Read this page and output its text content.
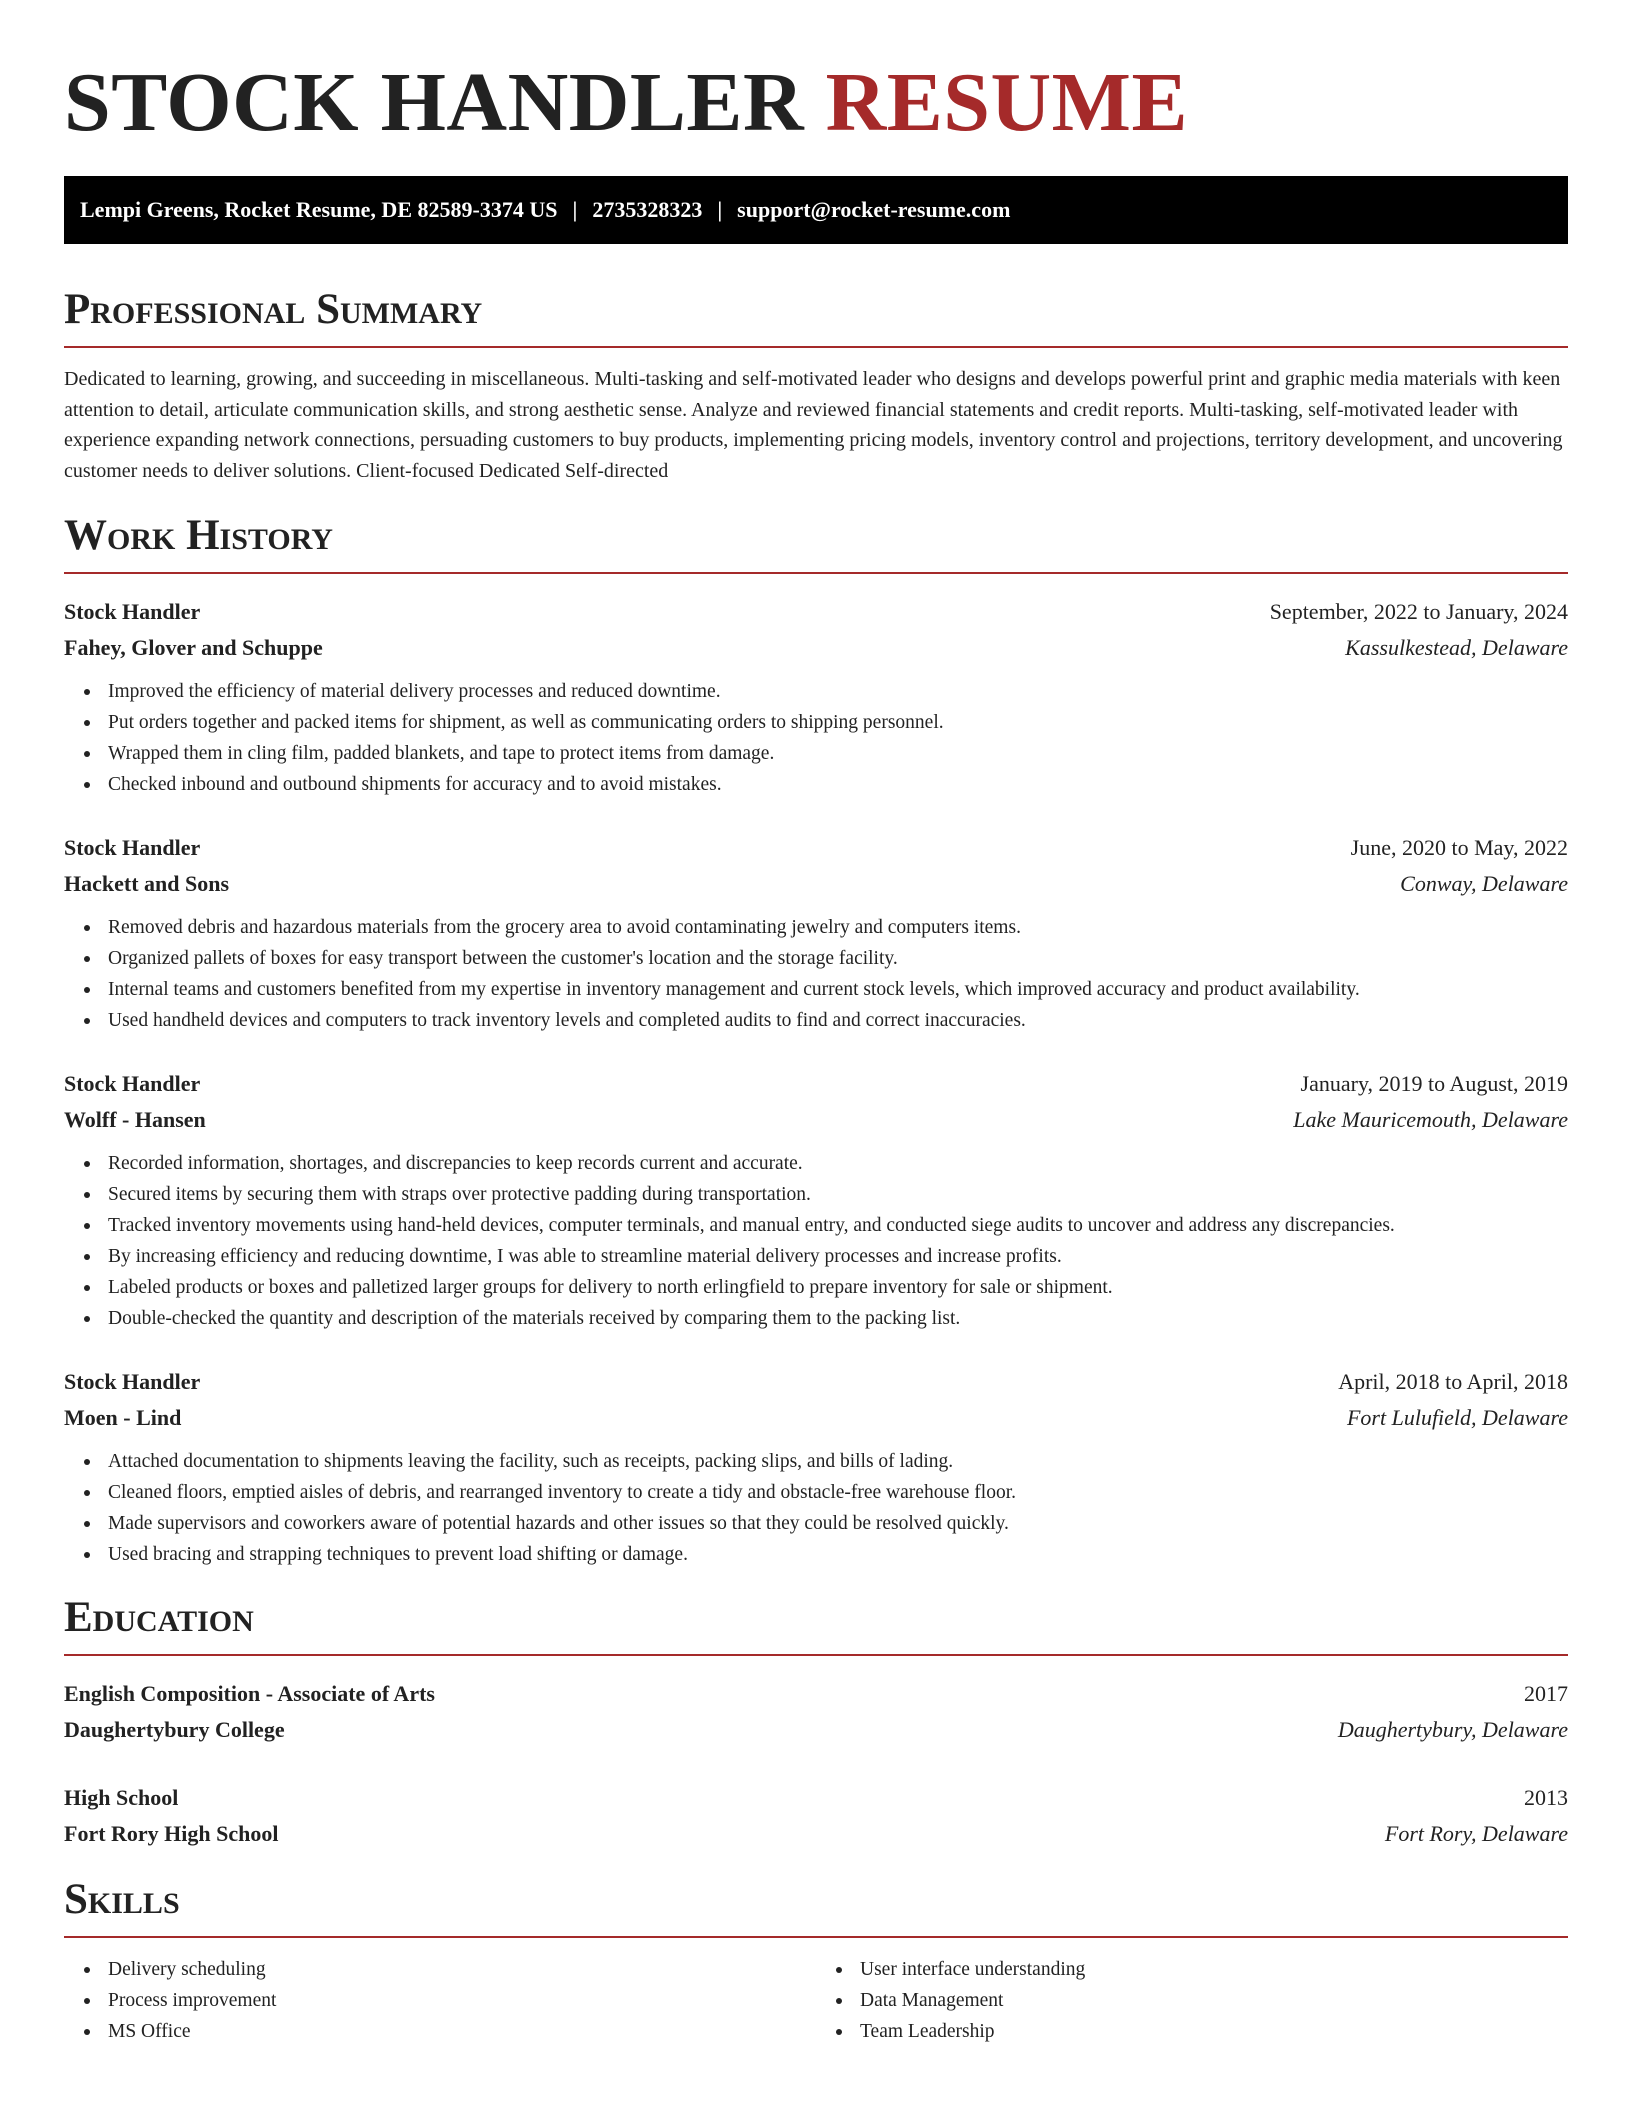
STOCK HANDLER RESUME
Lempi Greens, Rocket Resume, DE 82589-3374 US | 2735328323 | support@rocket-resume.com
Professional Summary
Dedicated to learning, growing, and succeeding in miscellaneous. Multi-tasking and self-motivated leader who designs and develops powerful print and graphic media materials with keen attention to detail, articulate communication skills, and strong aesthetic sense. Analyze and reviewed financial statements and credit reports. Multi-tasking, self-motivated leader with experience expanding network connections, persuading customers to buy products, implementing pricing models, inventory control and projections, territory development, and uncovering customer needs to deliver solutions. Client-focused Dedicated Self-directed
Work History
Stock Handler	September, 2022 to January, 2024
Fahey, Glover and Schuppe	Kassulkestead, Delaware
Improved the efficiency of material delivery processes and reduced downtime.
Put orders together and packed items for shipment, as well as communicating orders to shipping personnel.
Wrapped them in cling film, padded blankets, and tape to protect items from damage.
Checked inbound and outbound shipments for accuracy and to avoid mistakes.
Stock Handler	June, 2020 to May, 2022
Hackett and Sons	Conway, Delaware
Removed debris and hazardous materials from the grocery area to avoid contaminating jewelry and computers items.
Organized pallets of boxes for easy transport between the customer's location and the storage facility.
Internal teams and customers benefited from my expertise in inventory management and current stock levels, which improved accuracy and product availability.
Used handheld devices and computers to track inventory levels and completed audits to find and correct inaccuracies.
Stock Handler	January, 2019 to August, 2019
Wolff - Hansen	Lake Mauricemouth, Delaware
Recorded information, shortages, and discrepancies to keep records current and accurate.
Secured items by securing them with straps over protective padding during transportation.
Tracked inventory movements using hand-held devices, computer terminals, and manual entry, and conducted siege audits to uncover and address any discrepancies.
By increasing efficiency and reducing downtime, I was able to streamline material delivery processes and increase profits.
Labeled products or boxes and palletized larger groups for delivery to north erlingfield to prepare inventory for sale or shipment.
Double-checked the quantity and description of the materials received by comparing them to the packing list.
Stock Handler	April, 2018 to April, 2018
Moen - Lind	Fort Lulufield, Delaware
Attached documentation to shipments leaving the facility, such as receipts, packing slips, and bills of lading.
Cleaned floors, emptied aisles of debris, and rearranged inventory to create a tidy and obstacle-free warehouse floor.
Made supervisors and coworkers aware of potential hazards and other issues so that they could be resolved quickly.
Used bracing and strapping techniques to prevent load shifting or damage.
Education
English Composition - Associate of Arts	2017
Daughertybury College	Daughertybury, Delaware
High School	2013
Fort Rory High School	Fort Rory, Delaware
Skills
Delivery scheduling
Process improvement
MS Office
User interface understanding
Data Management
Team Leadership
